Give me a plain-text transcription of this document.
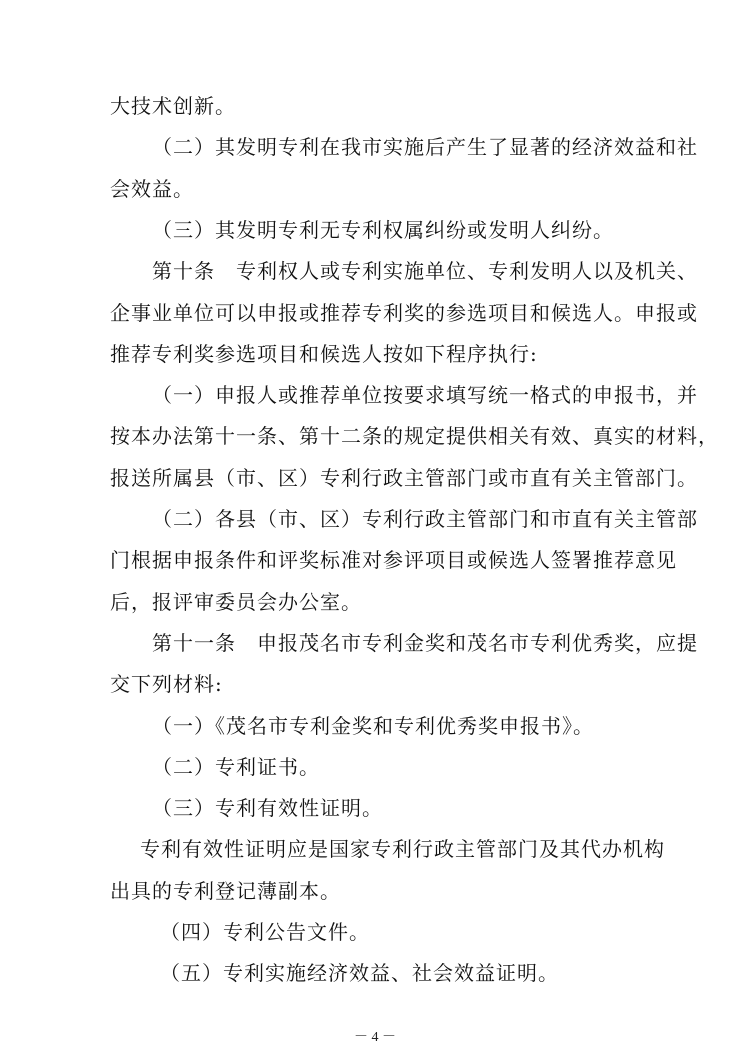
大技术创新。
（二）其发明专利在我市实施后产生了显著的经济效益和社
会效益。
（三）其发明专利无专利权属纠纷或发明人纠纷。
第十条　专利权人或专利实施单位、专利发明人以及机关、
企事业单位可以申报或推荐专利奖的参选项目和候选人。申报或
推荐专利奖参选项目和候选人按如下程序执行:
（一）申报人或推荐单位按要求填写统一格式的申报书，并
按本办法第十一条、第十二条的规定提供相关有效、真实的材料，
报送所属县（市、区）专利行政主管部门或市直有关主管部门。
（二）各县（市、区）专利行政主管部门和市直有关主管部
门根据申报条件和评奖标准对参评项目或候选人签署推荐意见
后，报评审委员会办公室。
第十一条　申报茂名市专利金奖和茂名市专利优秀奖，应提
交下列材料:
（一）《茂名市专利金奖和专利优秀奖申报书》。
（二）专利证书。
（三）专利有效性证明。
专利有效性证明应是国家专利行政主管部门及其代办机构
出具的专利登记薄副本。
（四）专利公告文件。
（五）专利实施经济效益、社会效益证明。
－ 4 －
